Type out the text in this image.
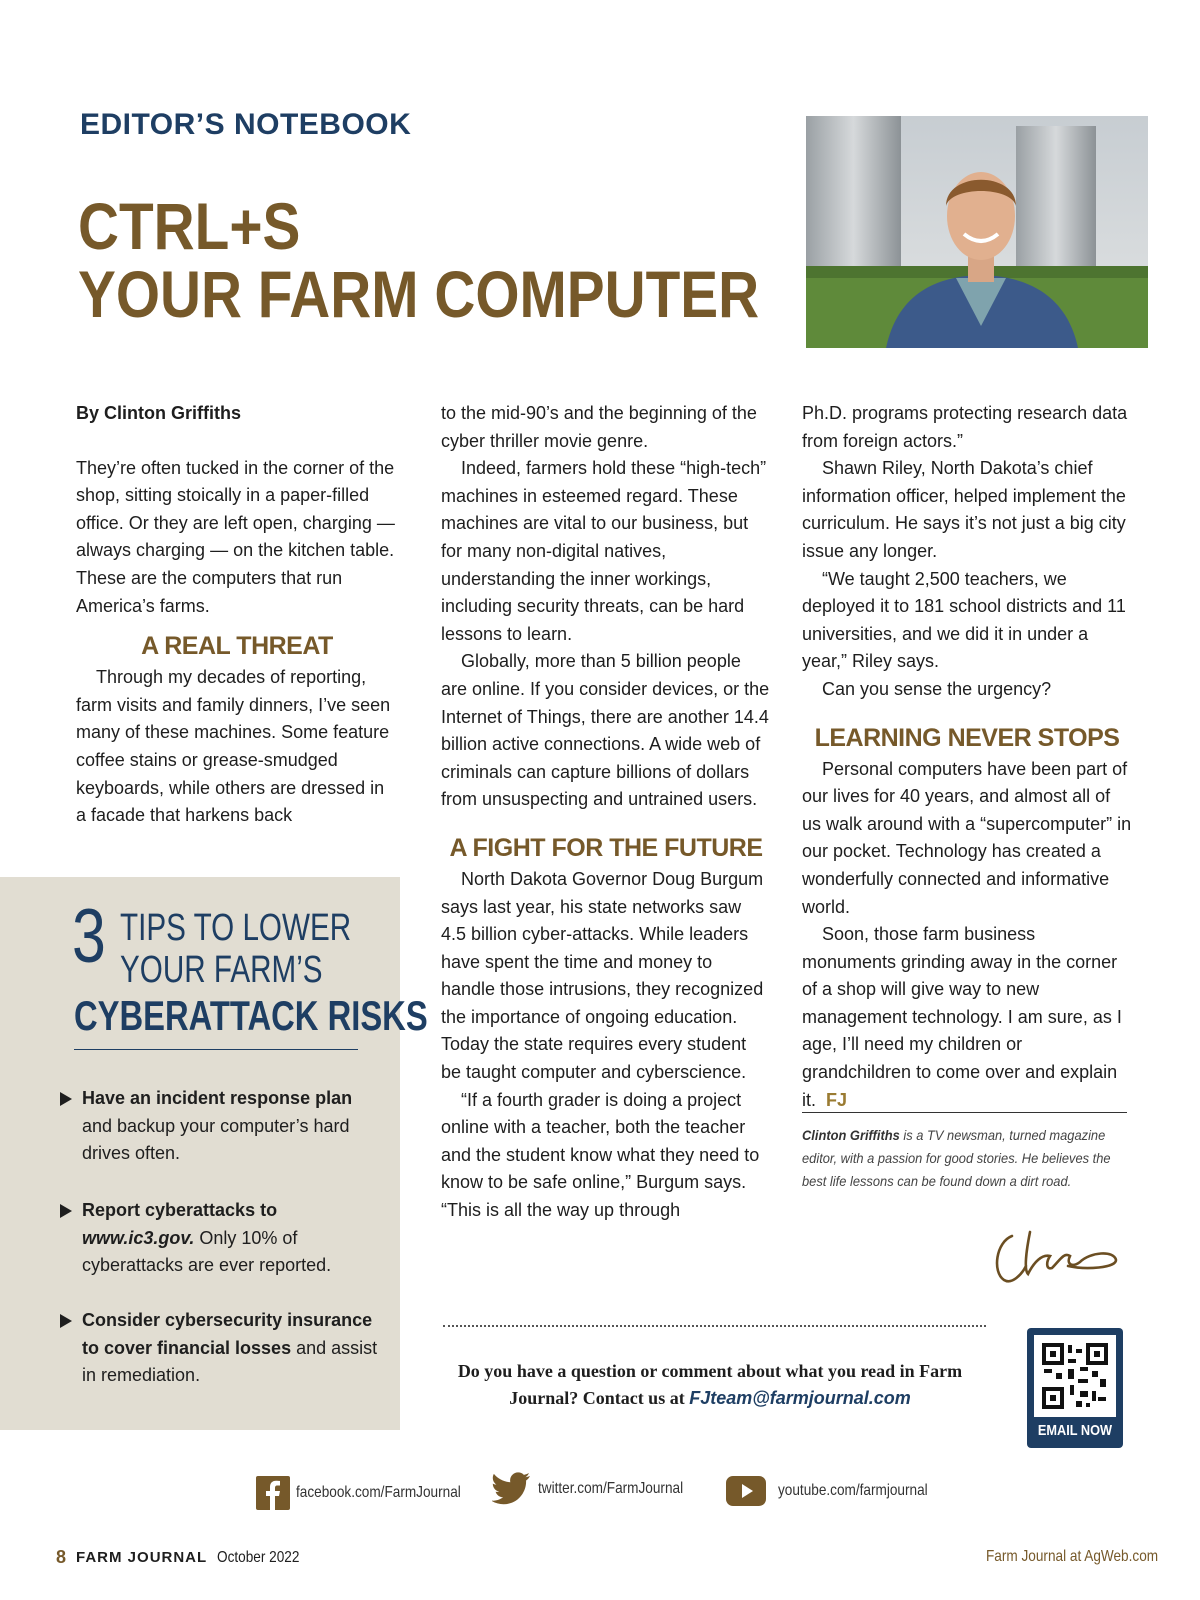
EDITOR’S NOTEBOOK
CTRL+S
YOUR FARM COMPUTER

By Clinton Griffiths

They’re often tucked in the corner of the shop, sitting stoically in a paper-filled office. Or they are left open, charging — always charging — on the kitchen table. These are the computers that run America’s farms.

A REAL THREAT

Through my decades of reporting, farm visits and family dinners, I’ve seen many of these machines. Some feature coffee stains or grease-smudged keyboards, while others are dressed in a facade that harkens back

to the mid-90’s and the beginning of the cyber thriller movie genre.

Indeed, farmers hold these “high-tech” machines in esteemed regard. These machines are vital to our business, but for many non-digital natives, understanding the inner workings, including security threats, can be hard lessons to learn.

Globally, more than 5 billion people are online. If you consider devices, or the Internet of Things, there are another 14.4 billion active connections. A wide web of criminals can capture billions of dollars from unsuspecting and untrained users.

A FIGHT FOR THE FUTURE

North Dakota Governor Doug Burgum says last year, his state networks saw 4.5 billion cyber-attacks. While leaders have spent the time and money to handle those intrusions, they recognized the importance of ongoing education. Today the state requires every student be taught computer and cyberscience.

“If a fourth grader is doing a project online with a teacher, both the teacher and the student know what they need to know to be safe online,” Burgum says. “This is all the way up through

Ph.D. programs protecting research data from foreign actors.”

Shawn Riley, North Dakota’s chief information officer, helped implement the curriculum. He says it’s not just a big city issue any longer.

“We taught 2,500 teachers, we deployed it to 181 school districts and 11 universities, and we did it in under a year,” Riley says.

Can you sense the urgency?

LEARNING NEVER STOPS

Personal computers have been part of our lives for 40 years, and almost all of us walk around with a “supercomputer” in our pocket. Technology has created a wonderfully connected and informative world.

Soon, those farm business monuments grinding away in the corner of a shop will give way to new management technology. I am sure, as I age, I’ll need my children or grandchildren to come over and explain it. FJ

Clinton Griffiths is a TV newsman, turned magazine editor, with a passion for good stories. He believes the best life lessons can be found down a dirt road.
3 TIPS TO LOWER
YOUR FARM’S
CYBERATTACK RISKS
Have an incident response plan and backup your computer’s hard drives often.
Report cyberattacks to www.ic3.gov. Only 10% of cyberattacks are ever reported.
Consider cybersecurity insurance to cover financial losses and assist in remediation.	Do you have a question or comment about what you read in Farm Journal? Contact us at FJteam@farmjournal.com
EMAIL NOW
facebook.com/FarmJournal	twitter.com/FarmJournal	youtube.com/farmjournal
8 FARM JOURNAL October 2022	Farm Journal at AgWeb.com
